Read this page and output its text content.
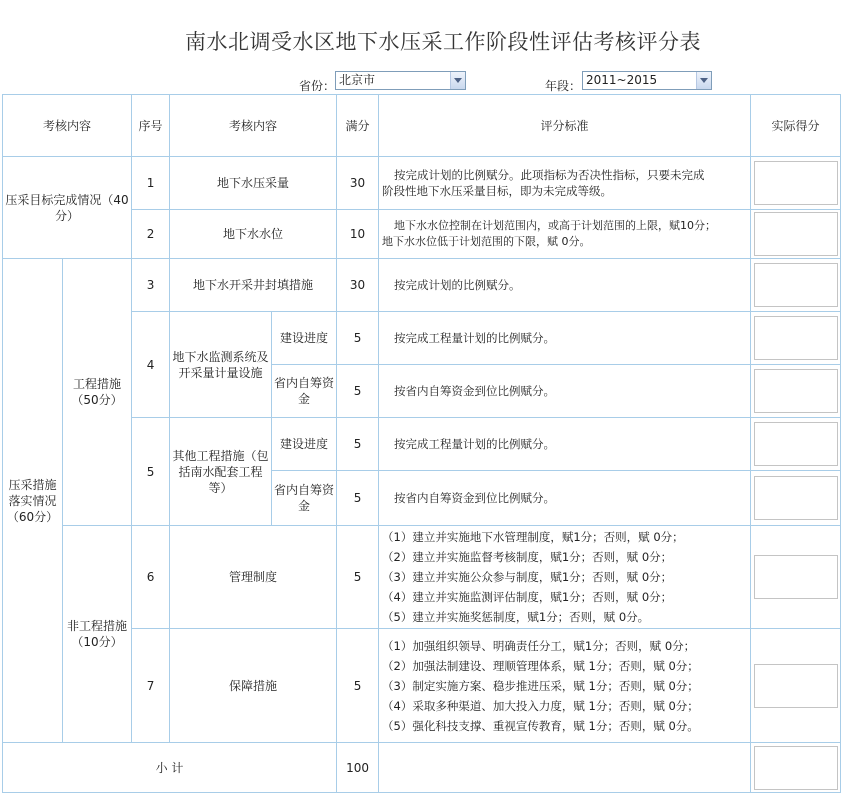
南水北调受水区地下水压采工作阶段性评估考核评分表
省份： 北京市	年段： 2011~2015
考核内容		序号	考核内容		满分	评分标准	实际得分
压采目标完成情况（40分）		1	地下水压采量		30	按完成计划的比例赋分。此项指标为否决性指标，只要未完成
阶段性地下水压采量目标，即为未完成等级。	

		2	地下水水位		10	地下水水位控制在计划范围内，或高于计划范围的上限，赋10分；
地下水水位低于计划范围的下限，赋 0分。	

压采措施落实情况（60分）	工程措施（50分）	3	地下水开采井封填措施		30	按完成计划的比例赋分。	

		4	地下水监测系统及开采量计量设施	建设进度	5	按完成工程量计划的比例赋分。	

				省内自筹资金	5	按省内自筹资金到位比例赋分。	

		5	其他工程措施（包括南水配套工程等）	建设进度	5	按完成工程量计划的比例赋分。	

				省内自筹资金	5	按省内自筹资金到位比例赋分。	

	非工程措施（10分）	6	管理制度		5	（1）建立并实施地下水管理制度，赋1分；否则，赋 0分；
（2）建立并实施监督考核制度，赋1分；否则，赋 0分；
（3）建立并实施公众参与制度，赋1分；否则，赋 0分；
（4）建立并实施监测评估制度，赋1分；否则，赋 0分；
（5）建立并实施奖惩制度，赋1分；否则，赋 0分。	

		7	保障措施		5	（1）加强组织领导、明确责任分工，赋1分；否则，赋 0分；
（2）加强法制建设、理顺管理体系，赋 1分；否则，赋 0分；
（3）制定实施方案、稳步推进压采，赋 1分；否则，赋 0分；
（4）采取多种渠道、加大投入力度，赋 1分；否则，赋 0分；
（5）强化科技支撑、重视宣传教育，赋 1分；否则，赋 0分。	

小 计					100		
